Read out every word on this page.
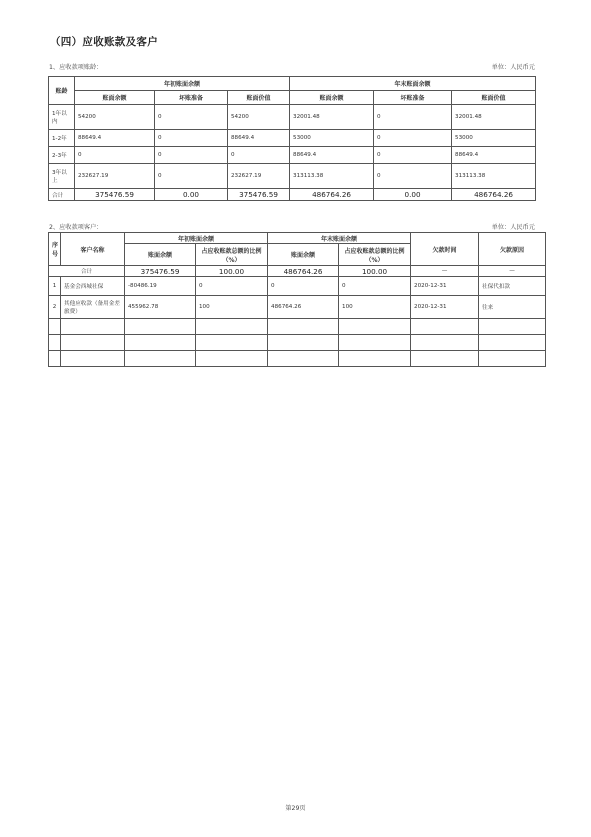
（四）应收账款及客户
1、应收款项账龄：	单位：人民币元
账龄	年初账面余额			年末账面余额		
	账面余额	坏账准备	账面价值	账面余额	坏账准备	账面价值
1年以内	54200	0	54200	32001.48	0	32001.48
1-2年	88649.4	0	88649.4	53000	0	53000
2-3年	0	0	0	88649.4	0	88649.4
3年以上	232627.19	0	232627.19	313113.38	0	313113.38
合计	375476.59	0.00	375476.59	486764.26	0.00	486764.26
2、应收款项客户：	单位：人民币元
序号	客户名称	年初账面余额		年末账面余额		欠款时间	欠款原因
		账面余额	占应收账款总额的比例（%）	账面余额	占应收账款总额的比例（%）		
合计		375476.59	100.00	486764.26	100.00	—	—
1	基金会西城社保	-80486.19	0	0	0	2020-12-31	社保代扣款
2	其他应收款（备用金差旅费）	455962.78	100	486764.26	100	2020-12-31	往来

第29页
